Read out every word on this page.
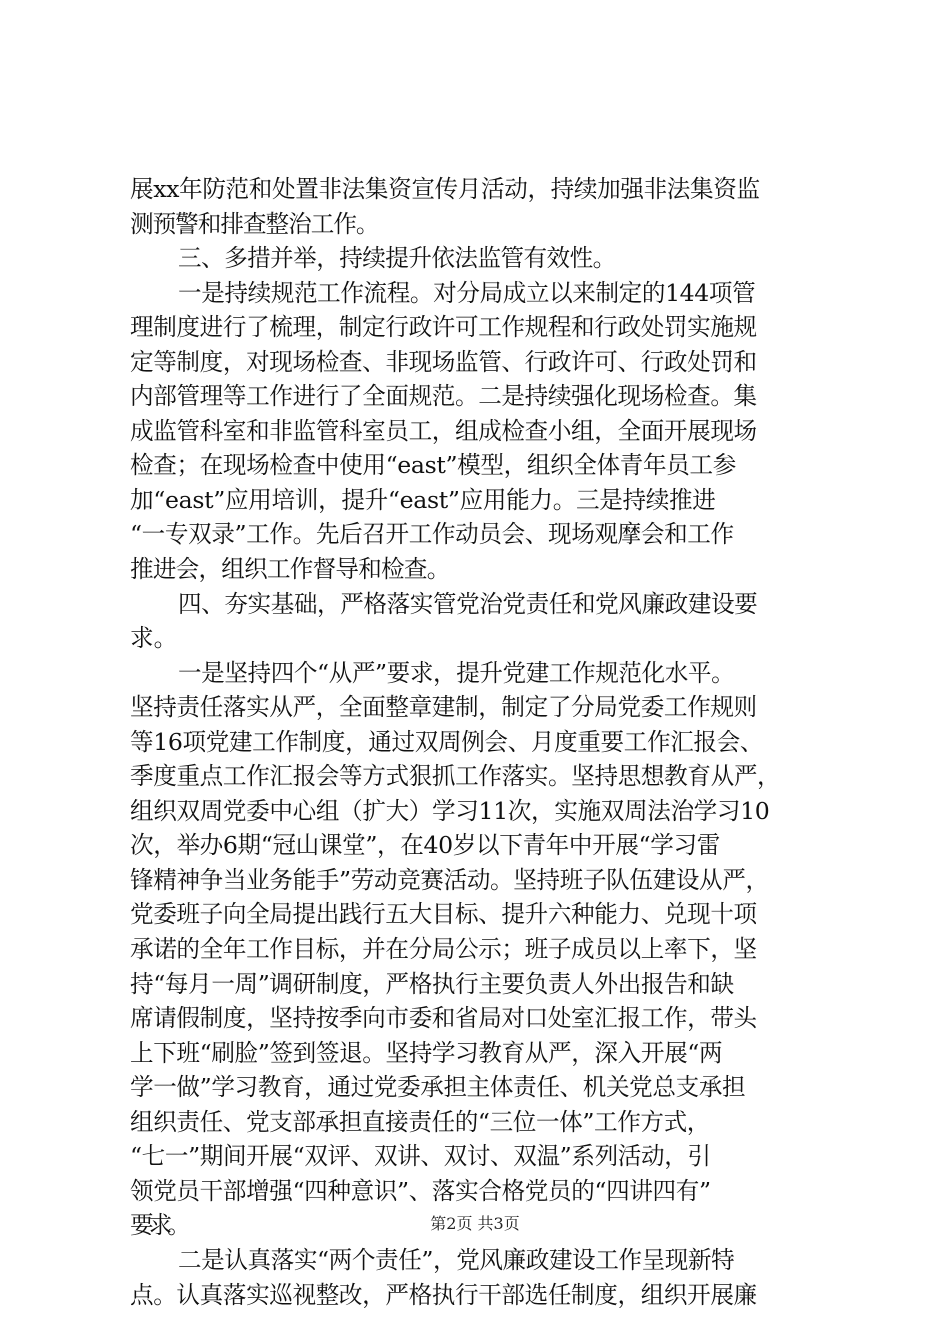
展xx年防范和处置非法集资宣传月活动，持续加强非法集资监
测预警和排查整治工作。
三、多措并举，持续提升依法监管有效性。
一是持续规范工作流程。对分局成立以来制定的144项管
理制度进行了梳理，制定行政许可工作规程和行政处罚实施规
定等制度，对现场检查、非现场监管、行政许可、行政处罚和
内部管理等工作进行了全面规范。二是持续强化现场检查。集
成监管科室和非监管科室员工，组成检查小组，全面开展现场
检查；在现场检查中使用“east”模型，组织全体青年员工参
加“east”应用培训，提升“east”应用能力。三是持续推进
“一专双录”工作。先后召开工作动员会、现场观摩会和工作
推进会，组织工作督导和检查。
四、夯实基础，严格落实管党治党责任和党风廉政建设要
求。
一是坚持四个“从严”要求，提升党建工作规范化水平。
坚持责任落实从严，全面整章建制，制定了分局党委工作规则
等16项党建工作制度，通过双周例会、月度重要工作汇报会、
季度重点工作汇报会等方式狠抓工作落实。坚持思想教育从严，
组织双周党委中心组（扩大）学习11次，实施双周法治学习10
次，举办6期“冠山课堂”，在40岁以下青年中开展“学习雷
锋精神争当业务能手”劳动竞赛活动。坚持班子队伍建设从严，
党委班子向全局提出践行五大目标、提升六种能力、兑现十项
承诺的全年工作目标，并在分局公示；班子成员以上率下，坚
持“每月一周”调研制度，严格执行主要负责人外出报告和缺
席请假制度，坚持按季向市委和省局对口处室汇报工作，带头
上下班“刷脸”签到签退。坚持学习教育从严，深入开展“两
学一做”学习教育，通过党委承担主体责任、机关党总支承担
组织责任、党支部承担直接责任的“三位一体”工作方式，
“七一”期间开展“双评、双讲、双讨、双温”系列活动，引
领党员干部增强“四种意识”、落实合格党员的“四讲四有”
要求。
二是认真落实“两个责任”，党风廉政建设工作呈现新特
点。认真落实巡视整改，严格执行干部选任制度，组织开展廉
第2页 共3页
